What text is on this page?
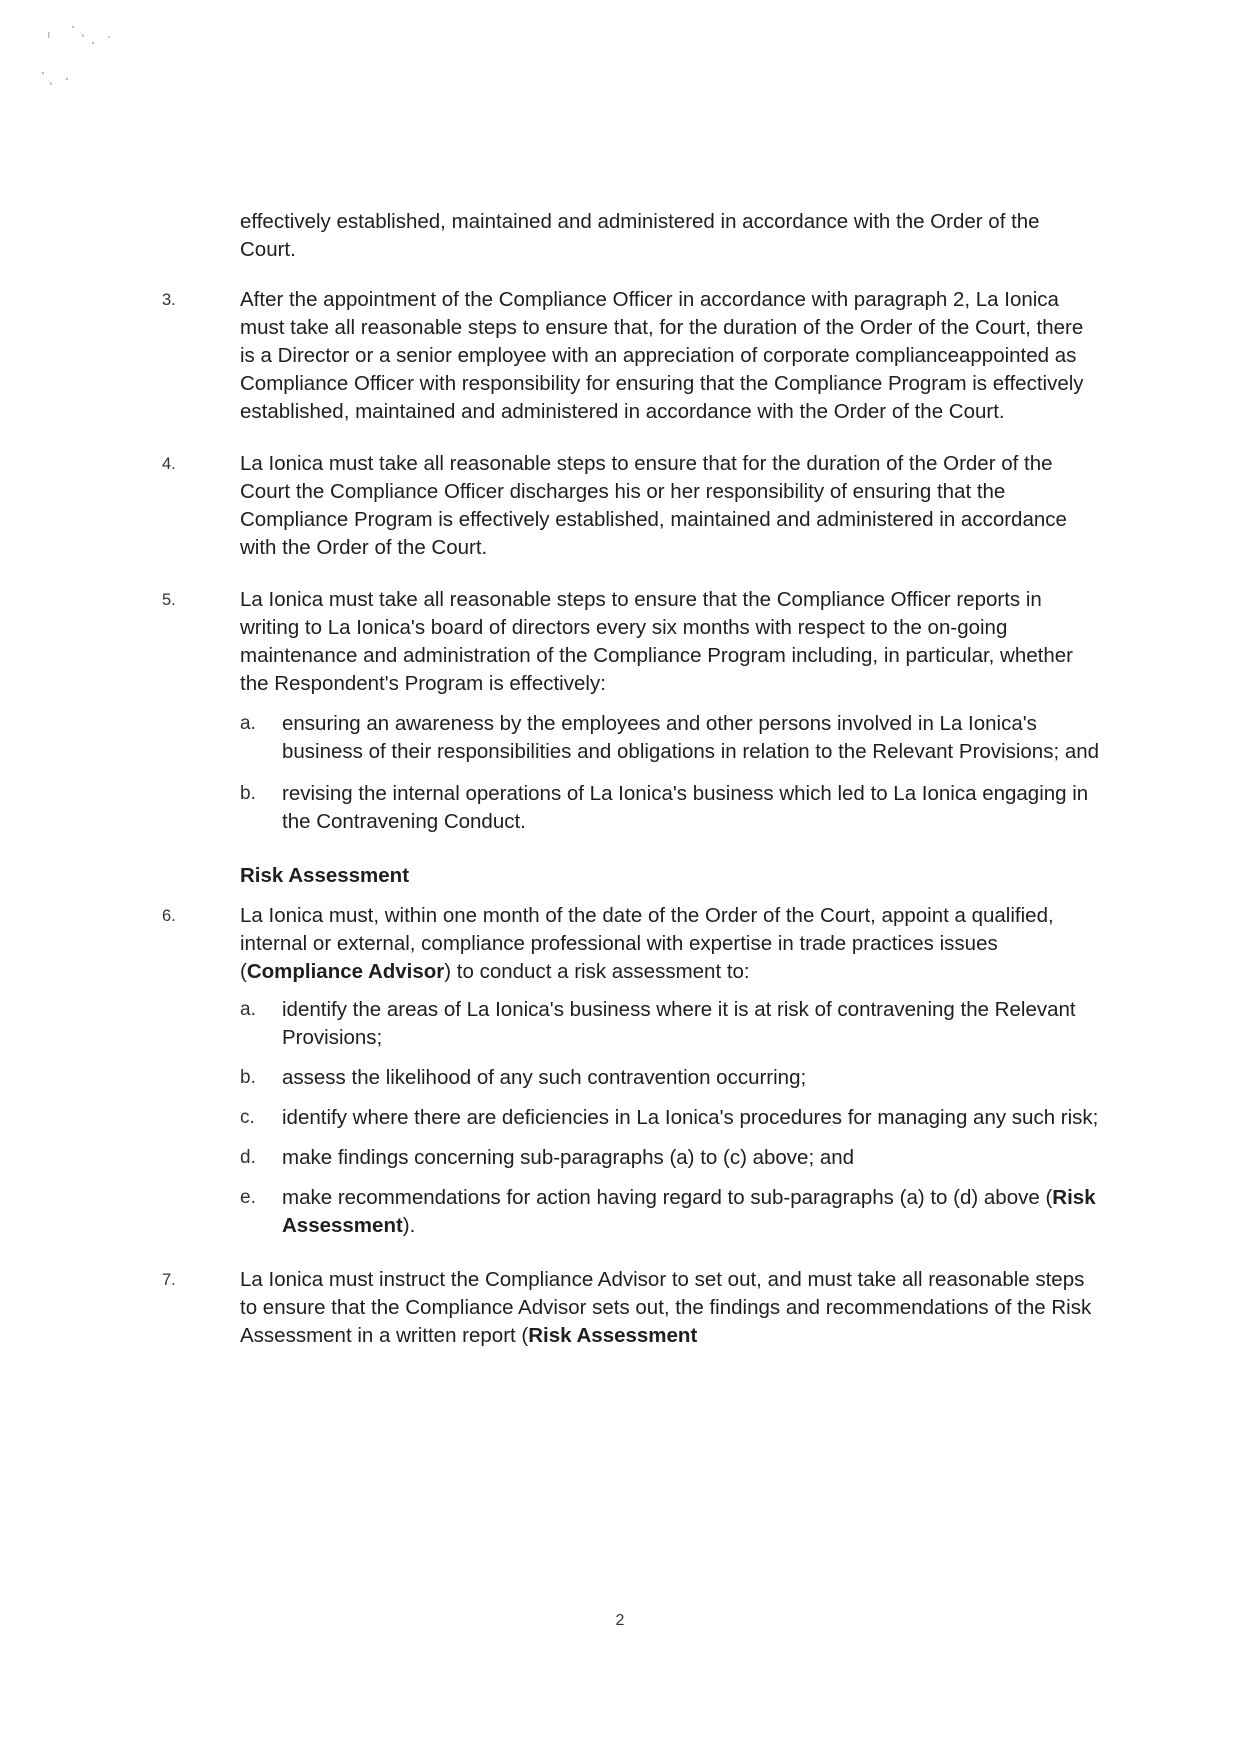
effectively established, maintained and administered in accordance with the Order of the Court.

3.	After the appointment of the Compliance Officer in accordance with paragraph 2, La Ionica must take all reasonable steps to ensure that, for the duration of the Order of the Court, there is a Director or a senior employee with an appreciation of corporate complianceappointed as Compliance Officer with responsibility for ensuring that the Compliance Program is effectively established, maintained and administered in accordance with the Order of the Court.

4.	La Ionica must take all reasonable steps to ensure that for the duration of the Order of the Court the Compliance Officer discharges his or her responsibility of ensuring that the Compliance Program is effectively established, maintained and administered in accordance with the Order of the Court.

5.	La Ionica must take all reasonable steps to ensure that the Compliance Officer reports in writing to La Ionica's board of directors every six months with respect to the on-going maintenance and administration of the Compliance Program including, in particular, whether the Respondent's Program is effectively:

a. ensuring an awareness by the employees and other persons involved in La Ionica's business of their responsibilities and obligations in relation to the Relevant Provisions; and

b. revising the internal operations of La Ionica's business which led to La Ionica engaging in the Contravening Conduct.

Risk Assessment

6.	La Ionica must, within one month of the date of the Order of the Court, appoint a qualified, internal or external, compliance professional with expertise in trade practices issues (Compliance Advisor) to conduct a risk assessment to:

a. identify the areas of La Ionica's business where it is at risk of contravening the Relevant Provisions;

b. assess the likelihood of any such contravention occurring;

c. identify where there are deficiencies in La Ionica's procedures for managing any such risk;

d. make findings concerning sub-paragraphs (a) to (c) above; and

e. make recommendations for action having regard to sub-paragraphs (a) to (d) above (Risk Assessment).

7.	La Ionica must instruct the Compliance Advisor to set out, and must take all reasonable steps to ensure that the Compliance Advisor sets out, the findings and recommendations of the Risk Assessment in a written report (Risk Assessment

2
